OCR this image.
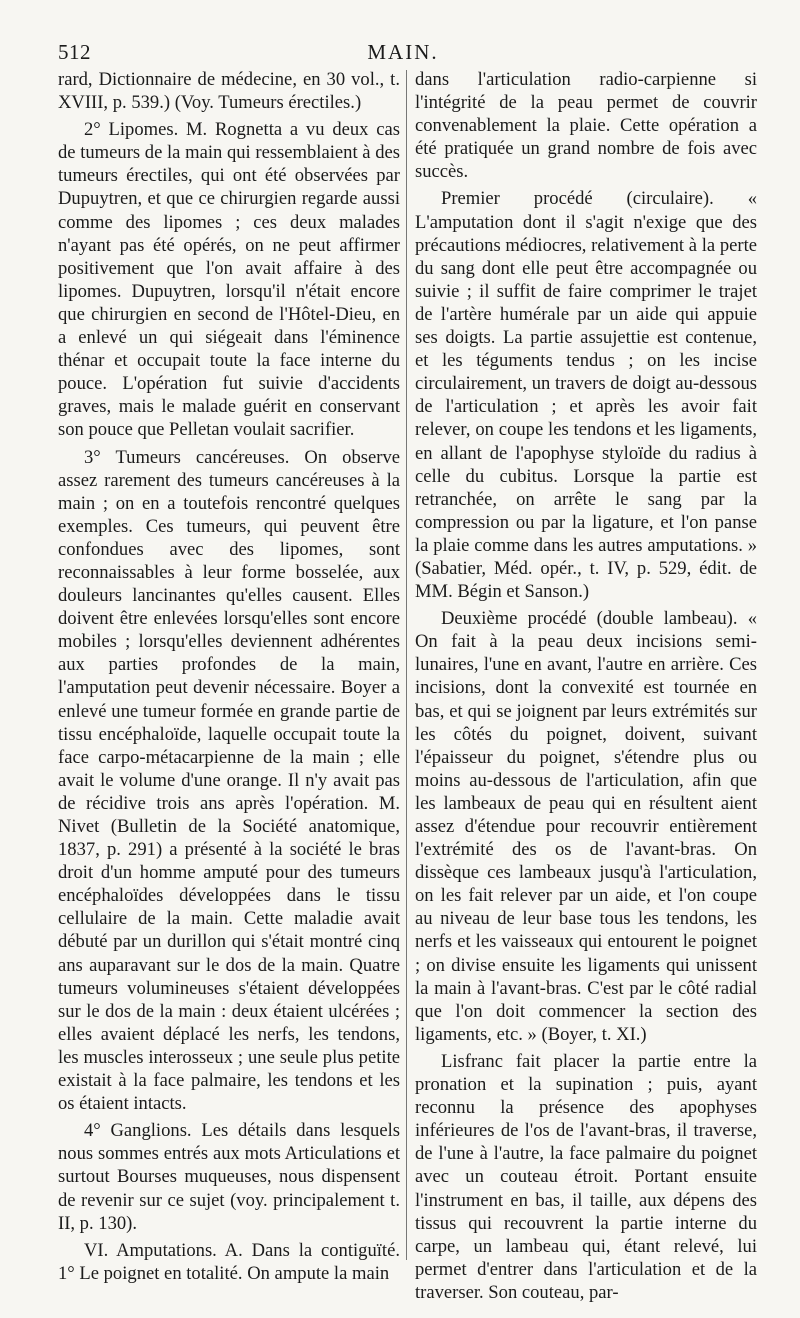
512	MAIN.

rard, Dictionnaire de médecine, en 30 vol., t. XVIII, p. 539.) (Voy. Tumeurs érectiles.)

2° Lipomes. M. Rognetta a vu deux cas de tumeurs de la main qui ressemblaient à des tumeurs érectiles, qui ont été observées par Dupuytren, et que ce chirurgien regarde aussi comme des lipomes ; ces deux malades n'ayant pas été opérés, on ne peut affirmer positivement que l'on avait affaire à des lipomes. Dupuytren, lorsqu'il n'était encore que chirurgien en second de l'Hôtel-Dieu, en a enlevé un qui siégeait dans l'éminence thénar et occupait toute la face interne du pouce. L'opération fut suivie d'accidents graves, mais le malade guérit en conservant son pouce que Pelletan voulait sacrifier.

3° Tumeurs cancéreuses. On observe assez rarement des tumeurs cancéreuses à la main ; on en a toutefois rencontré quelques exemples. Ces tumeurs, qui peuvent être confondues avec des lipomes, sont reconnaissables à leur forme bosselée, aux douleurs lancinantes qu'elles causent. Elles doivent être enlevées lorsqu'elles sont encore mobiles ; lorsqu'elles deviennent adhérentes aux parties profondes de la main, l'amputation peut devenir nécessaire. Boyer a enlevé une tumeur formée en grande partie de tissu encéphaloïde, laquelle occupait toute la face carpo-métacarpienne de la main ; elle avait le volume d'une orange. Il n'y avait pas de récidive trois ans après l'opération. M. Nivet (Bulletin de la Société anatomique, 1837, p. 291) a présenté à la société le bras droit d'un homme amputé pour des tumeurs encéphaloïdes développées dans le tissu cellulaire de la main. Cette maladie avait débuté par un durillon qui s'était montré cinq ans auparavant sur le dos de la main. Quatre tumeurs volumineuses s'étaient développées sur le dos de la main : deux étaient ulcérées ; elles avaient déplacé les nerfs, les tendons, les muscles interosseux ; une seule plus petite existait à la face palmaire, les tendons et les os étaient intacts.

4° Ganglions. Les détails dans lesquels nous sommes entrés aux mots Articulations et surtout Bourses muqueuses, nous dispensent de revenir sur ce sujet (voy. principalement t. II, p. 130).

VI. Amputations. A. Dans la contiguïté. 1° Le poignet en totalité. On ampute la main

dans l'articulation radio-carpienne si l'intégrité de la peau permet de couvrir convenablement la plaie. Cette opération a été pratiquée un grand nombre de fois avec succès.

Premier procédé (circulaire). « L'amputation dont il s'agit n'exige que des précautions médiocres, relativement à la perte du sang dont elle peut être accompagnée ou suivie ; il suffit de faire comprimer le trajet de l'artère humérale par un aide qui appuie ses doigts. La partie assujettie est contenue, et les téguments tendus ; on les incise circulairement, un travers de doigt au-dessous de l'articulation ; et après les avoir fait relever, on coupe les tendons et les ligaments, en allant de l'apophyse styloïde du radius à celle du cubitus. Lorsque la partie est retranchée, on arrête le sang par la compression ou par la ligature, et l'on panse la plaie comme dans les autres amputations. » (Sabatier, Méd. opér., t. IV, p. 529, édit. de MM. Bégin et Sanson.)

Deuxième procédé (double lambeau). « On fait à la peau deux incisions semi-lunaires, l'une en avant, l'autre en arrière. Ces incisions, dont la convexité est tournée en bas, et qui se joignent par leurs extrémités sur les côtés du poignet, doivent, suivant l'épaisseur du poignet, s'étendre plus ou moins au-dessous de l'articulation, afin que les lambeaux de peau qui en résultent aient assez d'étendue pour recouvrir entièrement l'extrémité des os de l'avant-bras. On dissèque ces lambeaux jusqu'à l'articulation, on les fait relever par un aide, et l'on coupe au niveau de leur base tous les tendons, les nerfs et les vaisseaux qui entourent le poignet ; on divise ensuite les ligaments qui unissent la main à l'avant-bras. C'est par le côté radial que l'on doit commencer la section des ligaments, etc. » (Boyer, t. XI.)

Lisfranc fait placer la partie entre la pronation et la supination ; puis, ayant reconnu la présence des apophyses inférieures de l'os de l'avant-bras, il traverse, de l'une à l'autre, la face palmaire du poignet avec un couteau étroit. Portant ensuite l'instrument en bas, il taille, aux dépens des tissus qui recouvrent la partie interne du carpe, un lambeau qui, étant relevé, lui permet d'entrer dans l'articulation et de la traverser. Son couteau, par-
